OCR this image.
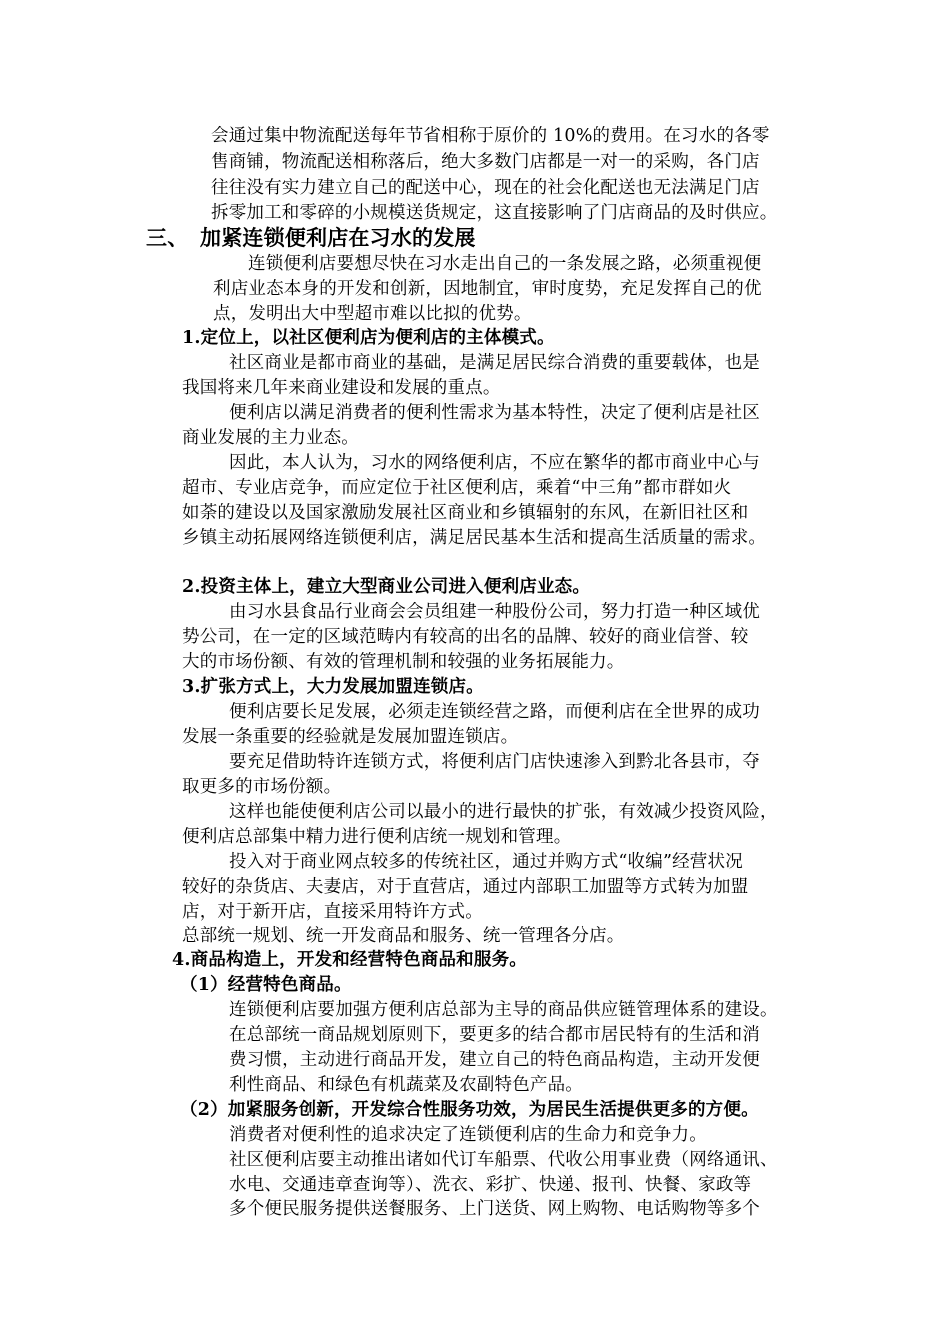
会通过集中物流配送每年节省相称于原价的 10%的费用。在习水的各零
售商铺，物流配送相称落后，绝大多数门店都是一对一的采购，各门店
往往没有实力建立自己的配送中心，现在的社会化配送也无法满足门店
拆零加工和零碎的小规模送货规定，这直接影响了门店商品的及时供应。
三、 加紧连锁便利店在习水的发展
连锁便利店要想尽快在习水走出自己的一条发展之路，必须重视便
利店业态本身的开发和创新，因地制宜，审时度势，充足发挥自己的优
点，发明出大中型超市难以比拟的优势。
1.定位上，以社区便利店为便利店的主体模式。
社区商业是都市商业的基础，是满足居民综合消费的重要载体，也是
我国将来几年来商业建设和发展的重点。
便利店以满足消费者的便利性需求为基本特性，决定了便利店是社区
商业发展的主力业态。
因此，本人认为，习水的网络便利店，不应在繁华的都市商业中心与
超市、专业店竞争，而应定位于社区便利店，乘着“中三角”都市群如火
如荼的建设以及国家激励发展社区商业和乡镇辐射的东风，在新旧社区和
乡镇主动拓展网络连锁便利店，满足居民基本生活和提高生活质量的需求。
2.投资主体上，建立大型商业公司进入便利店业态。
由习水县食品行业商会会员组建一种股份公司，努力打造一种区域优
势公司，在一定的区域范畴内有较高的出名的品牌、较好的商业信誉、较
大的市场份额、有效的管理机制和较强的业务拓展能力。
3.扩张方式上，大力发展加盟连锁店。
便利店要长足发展，必须走连锁经营之路，而便利店在全世界的成功
发展一条重要的经验就是发展加盟连锁店。
要充足借助特许连锁方式，将便利店门店快速渗入到黔北各县市，夺
取更多的市场份额。
这样也能使便利店公司以最小的进行最快的扩张，有效减少投资风险，
便利店总部集中精力进行便利店统一规划和管理。
投入对于商业网点较多的传统社区，通过并购方式“收编”经营状况
较好的杂货店、夫妻店，对于直营店，通过内部职工加盟等方式转为加盟
店，对于新开店，直接采用特许方式。
总部统一规划、统一开发商品和服务、统一管理各分店。
4.商品构造上，开发和经营特色商品和服务。
（1）经营特色商品。
连锁便利店要加强方便利店总部为主导的商品供应链管理体系的建设。
在总部统一商品规划原则下，要更多的结合都市居民特有的生活和消
费习惯，主动进行商品开发，建立自己的特色商品构造，主动开发便
利性商品、和绿色有机蔬菜及农副特色产品。
（2）加紧服务创新，开发综合性服务功效，为居民生活提供更多的方便。
消费者对便利性的追求决定了连锁便利店的生命力和竞争力。
社区便利店要主动推出诸如代订车船票、代收公用事业费（网络通讯、
水电、交通违章查询等）、洗衣、彩扩、快递、报刊、快餐、家政等
多个便民服务提供送餐服务、上门送货、网上购物、电话购物等多个
